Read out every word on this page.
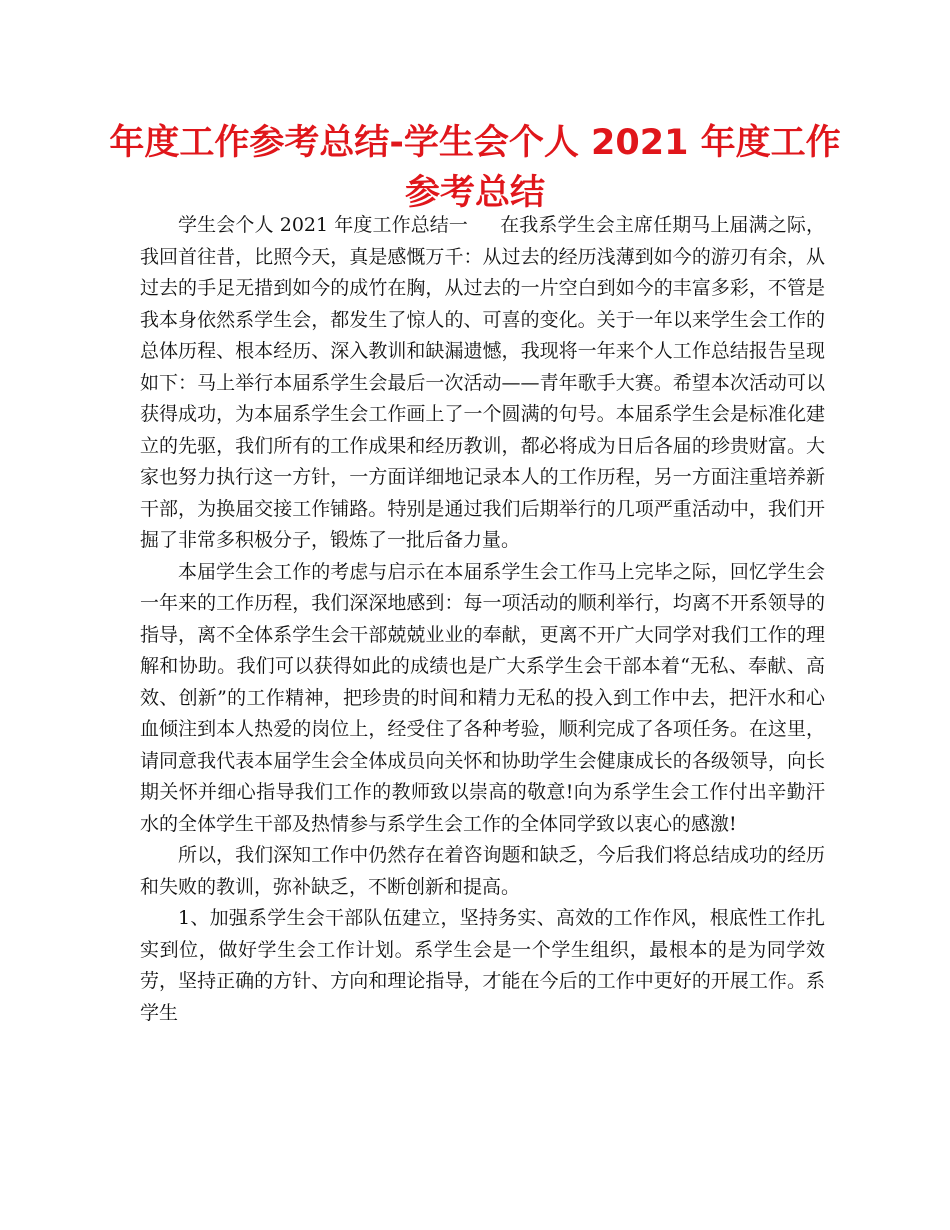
年度工作参考总结-学生会个人 2021 年度工作参考总结

学生会个人 2021 年度工作总结一 在我系学生会主席任期马上届满之际，我回首往昔，比照今天，真是感慨万千：从过去的经历浅薄到如今的游刃有余，从过去的手足无措到如今的成竹在胸，从过去的一片空白到如今的丰富多彩，不管是我本身依然系学生会，都发生了惊人的、可喜的变化。关于一年以来学生会工作的总体历程、根本经历、深入教训和缺漏遗憾，我现将一年来个人工作总结报告呈现如下：马上举行本届系学生会最后一次活动——青年歌手大赛。希望本次活动可以获得成功，为本届系学生会工作画上了一个圆满的句号。本届系学生会是标准化建立的先驱，我们所有的工作成果和经历教训，都必将成为日后各届的珍贵财富。大家也努力执行这一方针，一方面详细地记录本人的工作历程，另一方面注重培养新干部，为换届交接工作铺路。特别是通过我们后期举行的几项严重活动中，我们开掘了非常多积极分子，锻炼了一批后备力量。

本届学生会工作的考虑与启示在本届系学生会工作马上完毕之际，回忆学生会一年来的工作历程，我们深深地感到：每一项活动的顺利举行，均离不开系领导的指导，离不全体系学生会干部兢兢业业的奉献，更离不开广大同学对我们工作的理解和协助。我们可以获得如此的成绩也是广大系学生会干部本着“无私、奉献、高效、创新”的工作精神，把珍贵的时间和精力无私的投入到工作中去，把汗水和心血倾注到本人热爱的岗位上，经受住了各种考验，顺利完成了各项任务。在这里，请同意我代表本届学生会全体成员向关怀和协助学生会健康成长的各级领导，向长期关怀并细心指导我们工作的教师致以崇高的敬意!向为系学生会工作付出辛勤汗水的全体学生干部及热情参与系学生会工作的全体同学致以衷心的感激!

所以，我们深知工作中仍然存在着咨询题和缺乏，今后我们将总结成功的经历和失败的教训，弥补缺乏，不断创新和提高。

1、加强系学生会干部队伍建立，坚持务实、高效的工作作风，根底性工作扎实到位，做好学生会工作计划。系学生会是一个学生组织，最根本的是为同学效劳，坚持正确的方针、方向和理论指导，才能在今后的工作中更好的开展工作。系学生
